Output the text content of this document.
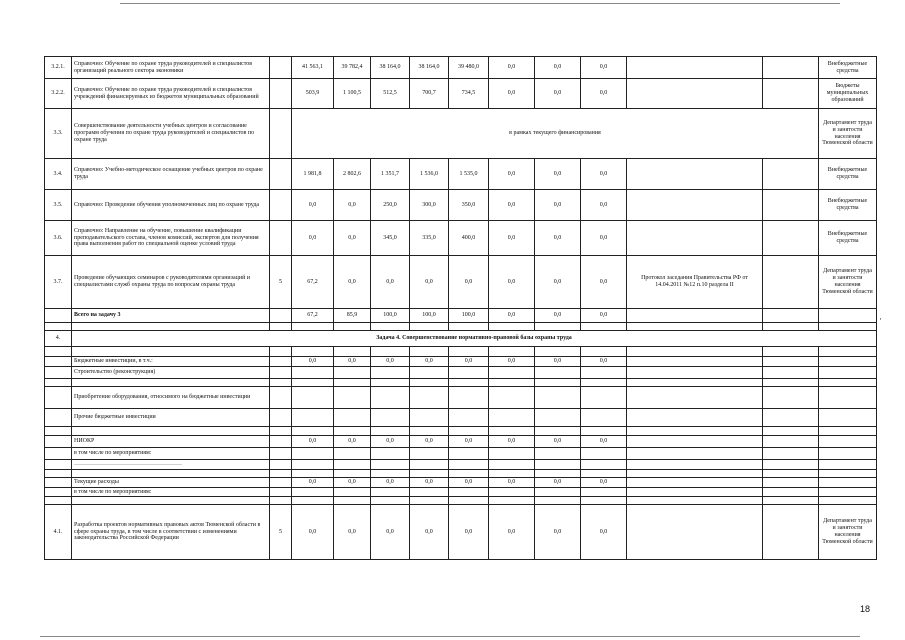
3.2.1.	Справочно: Обучение по охране труда руководителей и специалистов организаций реального сектора экономики		41 563,1	39 782,4	38 164,0	38 164,0	39 480,0	0,0	0,0	0,0			Внебюджетные средства
3.2.2.	Справочно: Обучение по охране труда руководителей и специалистов учреждений финансируемых из бюджетов муниципальных образований		503,9	1 100,5	512,5	700,7	734,5	0,0	0,0	0,0			Бюджеты муниципальных образований
3.3.	Совершенствование деятельности учебных центров и согласование программ обучения по охране труда руководителей и специалистов по охране труда		в рамках текущего финансирования										Департамент труда и занятости населения Тюменской области
3.4.	Справочно: Учебно-методическое оснащение учебных центров по охране труда		1 981,8	2 802,6	1 351,7	1 536,0	1 535,0	0,0	0,0	0,0			Внебюджетные средства
3.5.	Справочно: Проведение обучения уполномоченных лиц по охране труда		0,0	0,0	250,0	300,0	350,0	0,0	0,0	0,0			Внебюджетные средства
3.6.	Справочно: Направление на обучение, повышение квалификации преподавательского состава, членов комиссий, экспертов для получения права выполнения работ по специальной оценке условий труда		0,0	0,0	345,0	335,0	400,0	0,0	0,0	0,0			Внебюджетные средства
3.7.	Проведение обучающих семинаров с руководителями организаций и специалистами служб охраны труда по вопросам охраны труда	5	67,2	0,0	0,0	0,0	0,0	0,0	0,0	0,0	Протокол заседания Правительства РФ от 14.04.2011 №12 п.10 раздела II		Департамент труда и занятости населения Тюменской области
	Всего на задачу 3		67,2	85,9	100,0	100,0	100,0	0,0	0,0	0,0			

4.	Задача 4. Совершенствование нормативно-правовой базы охраны труда												

	Бюджетные инвестиции, в т.ч.:		0,0	0,0	0,0	0,0	0,0	0,0	0,0	0,0			
	Строительство (реконструкция)												

	Приобретение оборудования, относимого на бюджетные инвестиции												
	Прочие бюджетные инвестиции												

	НИОКР		0,0	0,0	0,0	0,0	0,0	0,0	0,0	0,0			
	в том числе по мероприятиям:												
	………………………………………………												

	Текущие расходы		0,0	0,0	0,0	0,0	0,0	0,0	0,0	0,0			
	в том числе по мероприятиям:												

4.1.	Разработка проектов нормативных правовых актов Тюменской области в сфере охраны труда, в том числе в соответствии с изменениями законодательства Российской Федерации	5	0,0	0,0	0,0	0,0	0,0	0,0	0,0	0,0			Департамент труда и занятости населения Тюменской области
·
18
